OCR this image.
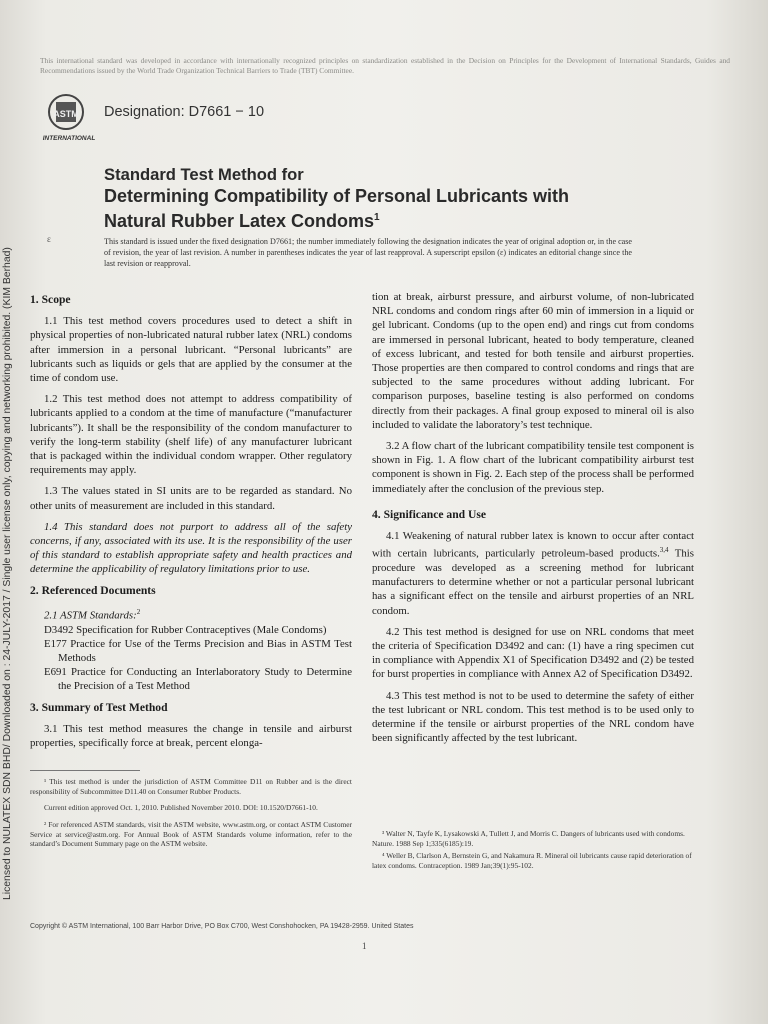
This international standard was developed in accordance with internationally recognized principles on standardization established in the Decision on Principles for the Development of International Standards, Guides and Recommendations issued by the World Trade Organization Technical Barriers to Trade (TBT) Committee.
ASTM
INTERNATIONAL
Designation: D7661 − 10
Standard Test Method for
Determining Compatibility of Personal Lubricants with
Natural Rubber Latex Condoms$^1$
ε	This standard is issued under the fixed designation D7661; the number immediately following the designation indicates the year of original adoption or, in the case of revision, the year of last revision. A number in parentheses indicates the year of last reapproval. A superscript epsilon (ε) indicates an editorial change since the last revision or reapproval.
1. Scope

1.1 This test method covers procedures used to detect a shift in physical properties of non-lubricated natural rubber latex (NRL) condoms after immersion in a personal lubricant. “Personal lubricants” are lubricants such as liquids or gels that are applied by the consumer at the time of condom use.

1.2 This test method does not attempt to address compatibility of lubricants applied to a condom at the time of manufacture (“manufacturer lubricants”). It shall be the responsibility of the condom manufacturer to verify the long-term stability (shelf life) of any manufacturer lubricant that is packaged within the individual condom wrapper. Other regulatory requirements may apply.

1.3 The values stated in SI units are to be regarded as standard. No other units of measurement are included in this standard.

1.4 This standard does not purport to address all of the safety concerns, if any, associated with its use. It is the responsibility of the user of this standard to establish appropriate safety and health practices and determine the applicability of regulatory limitations prior to use.

2. Referenced Documents

2.1 ASTM Standards:$^2$

D3492 Specification for Rubber Contraceptives (Male Condoms)

E177 Practice for Use of the Terms Precision and Bias in ASTM Test Methods

E691 Practice for Conducting an Interlaboratory Study to Determine the Precision of a Test Method

3. Summary of Test Method

3.1 This test method measures the change in tensile and airburst properties, specifically force at break, percent elonga-

¹ This test method is under the jurisdiction of ASTM Committee D11 on Rubber and is the direct responsibility of Subcommittee D11.40 on Consumer Rubber Products.

Current edition approved Oct. 1, 2010. Published November 2010. DOI: 10.1520/D7661-10.

² For referenced ASTM standards, visit the ASTM website, www.astm.org, or contact ASTM Customer Service at service@astm.org. For Annual Book of ASTM Standards volume information, refer to the standard’s Document Summary page on the ASTM website.

tion at break, airburst pressure, and airburst volume, of non-lubricated NRL condoms and condom rings after 60 min of immersion in a liquid or gel lubricant. Condoms (up to the open end) and rings cut from condoms are immersed in personal lubricant, heated to body temperature, cleaned of excess lubricant, and tested for both tensile and airburst properties. Those properties are then compared to control condoms and rings that are subjected to the same procedures without adding lubricant. For comparison purposes, baseline testing is also performed on condoms directly from their packages. A final group exposed to mineral oil is also included to validate the laboratory’s test technique.

3.2 A flow chart of the lubricant compatibility tensile test component is shown in Fig. 1. A flow chart of the lubricant compatibility airburst test component is shown in Fig. 2. Each step of the process shall be performed immediately after the conclusion of the previous step.

4. Significance and Use

4.1 Weakening of natural rubber latex is known to occur after contact with certain lubricants, particularly petroleum-based products.$^{3,4}$ This procedure was developed as a screening method for lubricant manufacturers to determine whether or not a particular personal lubricant has a significant effect on the tensile and airburst properties of an NRL condom.

4.2 This test method is designed for use on NRL condoms that meet the criteria of Specification D3492 and can: (1) have a ring specimen cut in compliance with Appendix X1 of Specification D3492 and (2) be tested for burst properties in compliance with Annex A2 of Specification D3492.

4.3 This test method is not to be used to determine the safety of either the test lubricant or NRL condom. This test method is to be used only to determine if the tensile or airburst properties of the NRL condom have been significantly affected by the test lubricant.

³ Walter N, Tayfe K, Lysakowski A, Tullett J, and Morris C. Dangers of lubricants used with condoms. Nature. 1988 Sep 1;335(6185):19.

⁴ Weller B, Clarlson A, Bernstein G, and Nakamura R. Mineral oil lubricants cause rapid deterioration of latex condoms. Contraception. 1989 Jan;39(1):95-102.

Copyright © ASTM International, 100 Barr Harbor Drive, PO Box C700, West Conshohocken, PA 19428-2959. United States
1
Licensed to NULATEX SDN BHD/ Downloaded on : 24-JULY-2017 / Single user license only, copying and networking prohibited. (KIM Berhad)
